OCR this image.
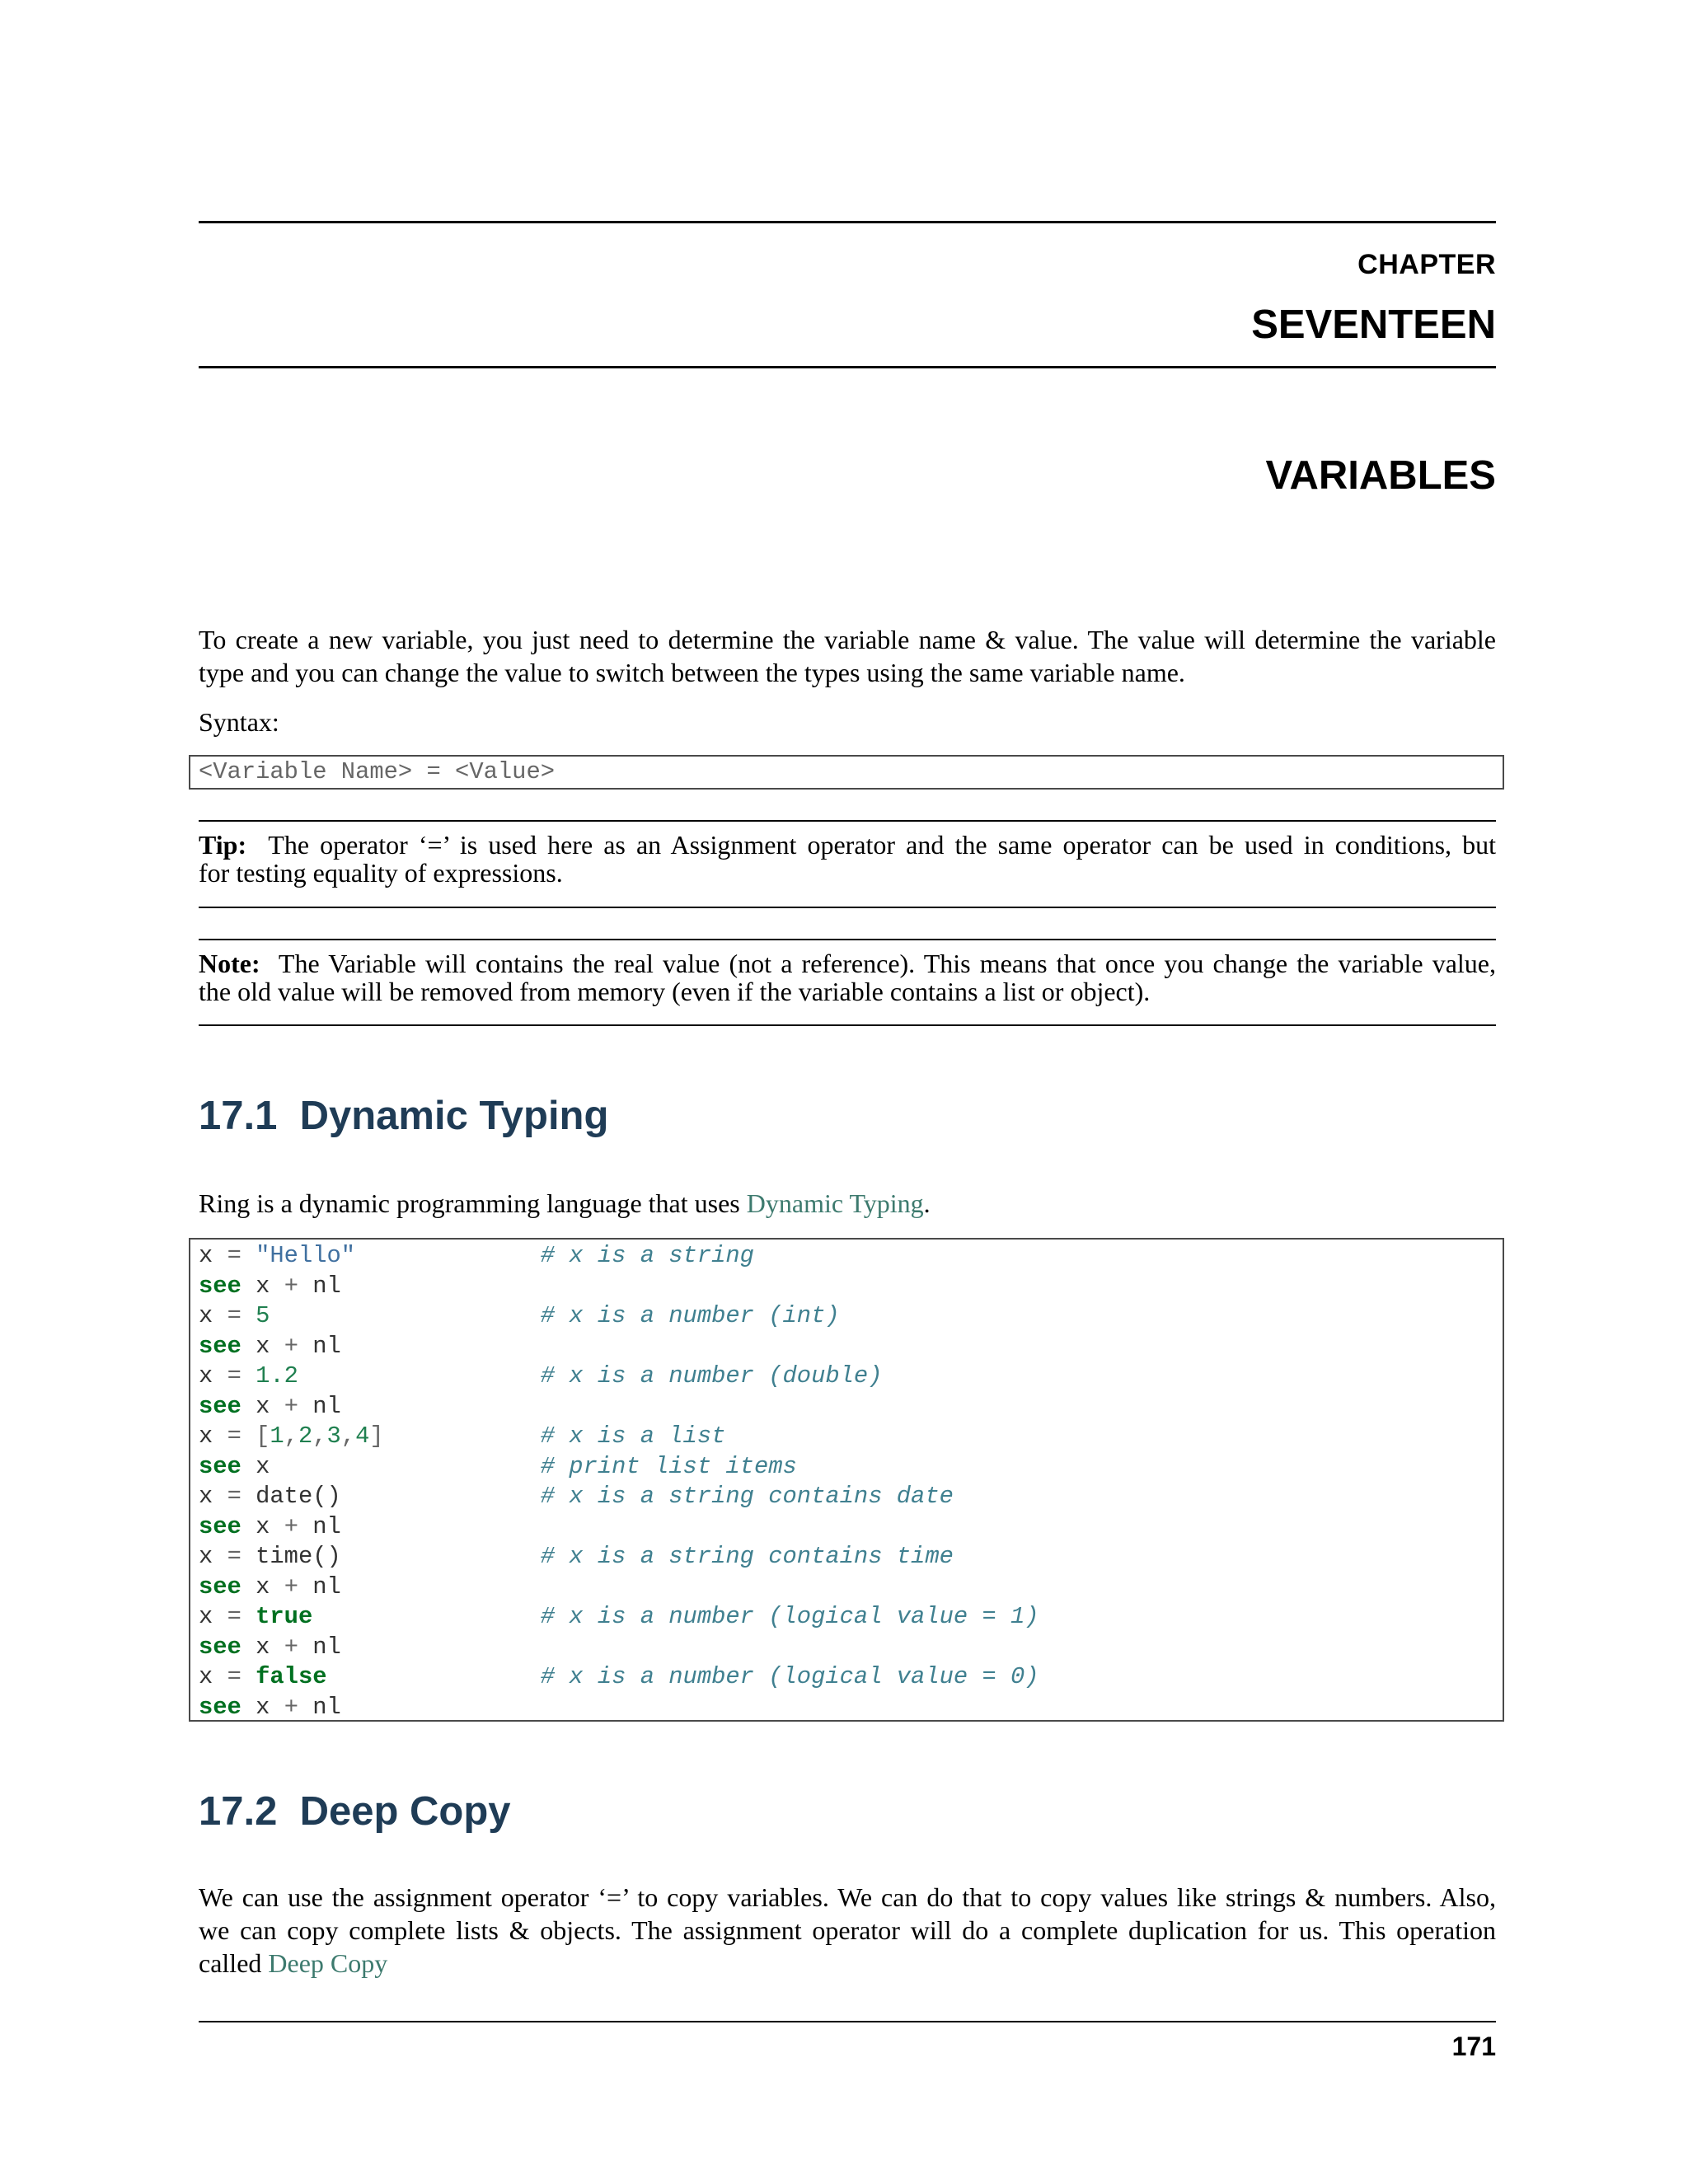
CHAPTER
SEVENTEEN
VARIABLES
To create a new variable, you just need to determine the variable name & value. The value will determine the variable
type and you can change the value to switch between the types using the same variable name.
Syntax:
<Variable Name> = <Value>
Tip: The operator ‘=’ is used here as an Assignment operator and the same operator can be used in conditions, but
for testing equality of expressions.
Note: The Variable will contains the real value (not a reference). This means that once you change the variable value,
the old value will be removed from memory (even if the variable contains a list or object).
17.1  Dynamic Typing
Ring is a dynamic programming language that uses Dynamic Typing.
x = "Hello"	# x is a string
see x + nl
x = 5	# x is a number (int)
see x + nl
x = 1.2	# x is a number (double)
see x + nl
x = [1,2,3,4]	# x is a list
see x	# print list items
x = date()	# x is a string contains date
see x + nl
x = time()	# x is a string contains time
see x + nl
x = true	# x is a number (logical value = 1)
see x + nl
x = false	# x is a number (logical value = 0)
see x + nl
17.2  Deep Copy
We can use the assignment operator ‘=’ to copy variables. We can do that to copy values like strings & numbers. Also,
we can copy complete lists & objects. The assignment operator will do a complete duplication for us. This operation
called Deep Copy
171
